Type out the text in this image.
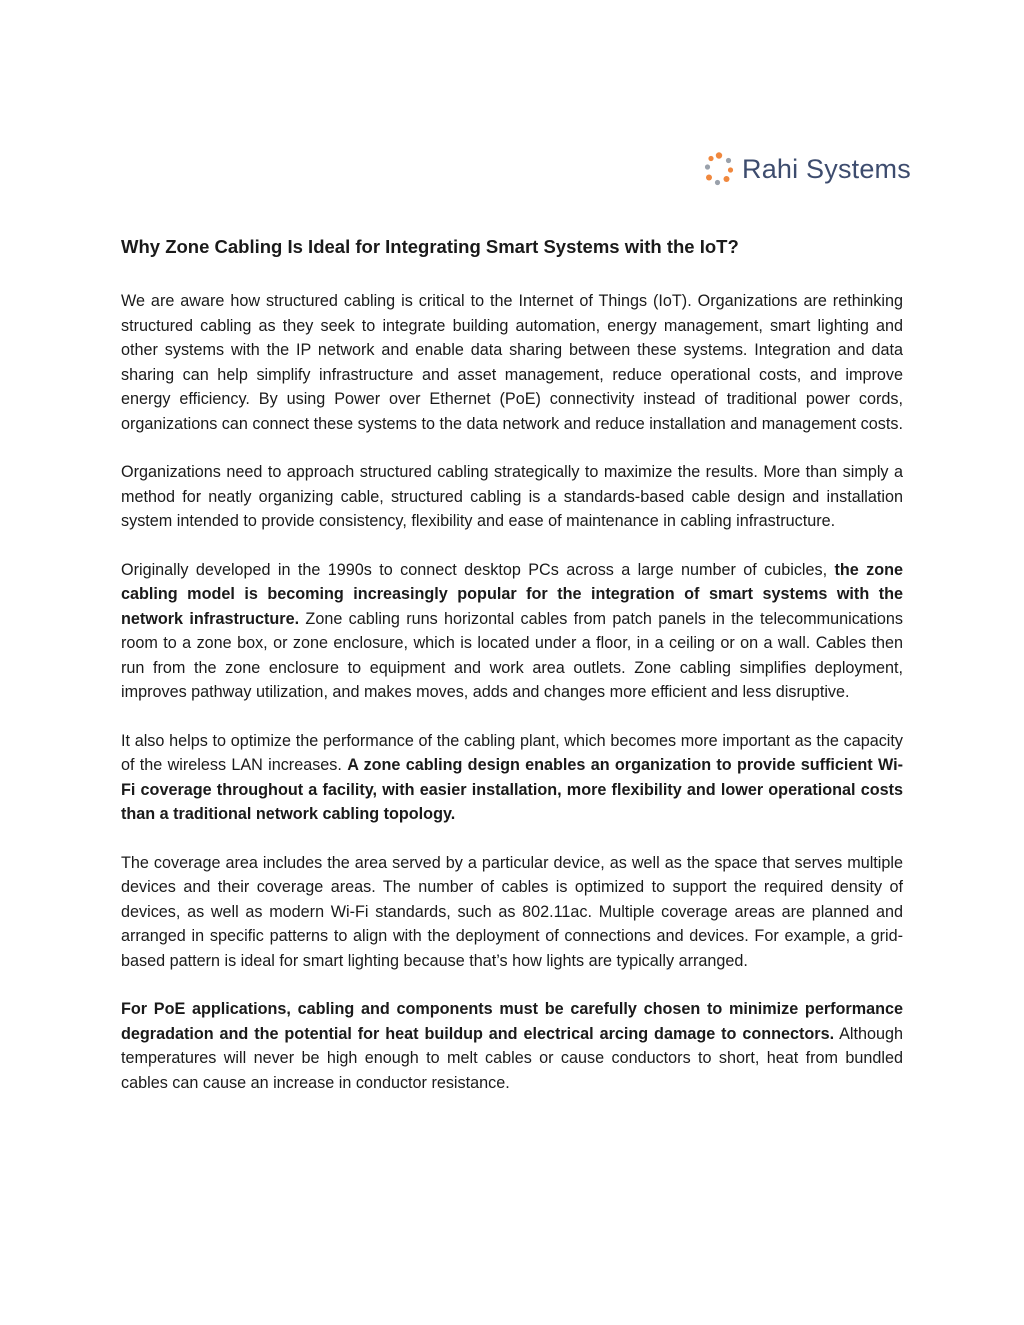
Rahi Systems
Why Zone Cabling Is Ideal for Integrating Smart Systems with the IoT?

We are aware how structured cabling is critical to the Internet of Things (IoT). Organizations are rethinking structured cabling as they seek to integrate building automation, energy management, smart lighting and other systems with the IP network and enable data sharing between these systems. Integration and data sharing can help simplify infrastructure and asset management, reduce operational costs, and improve energy efficiency. By using Power over Ethernet (PoE) connectivity instead of traditional power cords, organizations can connect these systems to the data network and reduce installation and management costs.

Organizations need to approach structured cabling strategically to maximize the results. More than simply a method for neatly organizing cable, structured cabling is a standards-based cable design and installation system intended to provide consistency, flexibility and ease of maintenance in cabling infrastructure.

Originally developed in the 1990s to connect desktop PCs across a large number of cubicles, the zone cabling model is becoming increasingly popular for the integration of smart systems with the network infrastructure. Zone cabling runs horizontal cables from patch panels in the telecommunications room to a zone box, or zone enclosure, which is located under a floor, in a ceiling or on a wall. Cables then run from the zone enclosure to equipment and work area outlets. Zone cabling simplifies deployment, improves pathway utilization, and makes moves, adds and changes more efficient and less disruptive.

It also helps to optimize the performance of the cabling plant, which becomes more important as the capacity of the wireless LAN increases. A zone cabling design enables an organization to provide sufficient Wi-Fi coverage throughout a facility, with easier installation, more flexibility and lower operational costs than a traditional network cabling topology.

The coverage area includes the area served by a particular device, as well as the space that serves multiple devices and their coverage areas. The number of cables is optimized to support the required density of devices, as well as modern Wi-Fi standards, such as 802.11ac. Multiple coverage areas are planned and arranged in specific patterns to align with the deployment of connections and devices. For example, a grid-based pattern is ideal for smart lighting because that’s how lights are typically arranged.

For PoE applications, cabling and components must be carefully chosen to minimize performance degradation and the potential for heat buildup and electrical arcing damage to connectors. Although temperatures will never be high enough to melt cables or cause conductors to short, heat from bundled cables can cause an increase in conductor resistance.
